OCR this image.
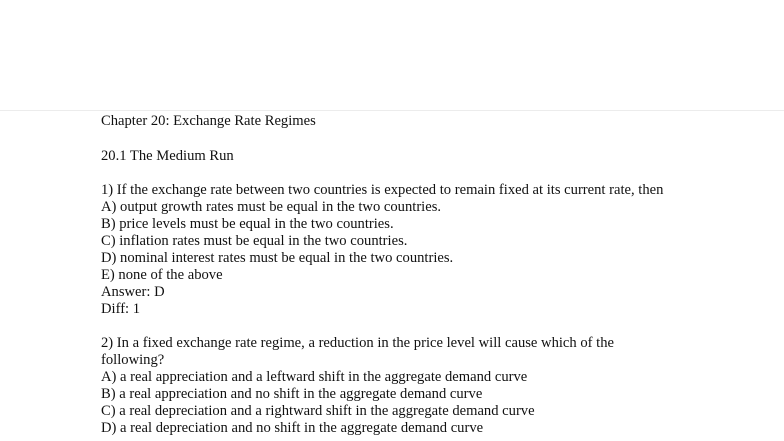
Chapter 20: Exchange Rate Regimes
20.1 The Medium Run
1) If the exchange rate between two countries is expected to remain fixed at its current rate, then
A) output growth rates must be equal in the two countries.
B) price levels must be equal in the two countries.
C) inflation rates must be equal in the two countries.
D) nominal interest rates must be equal in the two countries.
E) none of the above
Answer: D
Diff: 1
2) In a fixed exchange rate regime, a reduction in the price level will cause which of the
following?
A) a real appreciation and a leftward shift in the aggregate demand curve
B) a real appreciation and no shift in the aggregate demand curve
C) a real depreciation and a rightward shift in the aggregate demand curve
D) a real depreciation and no shift in the aggregate demand curve
